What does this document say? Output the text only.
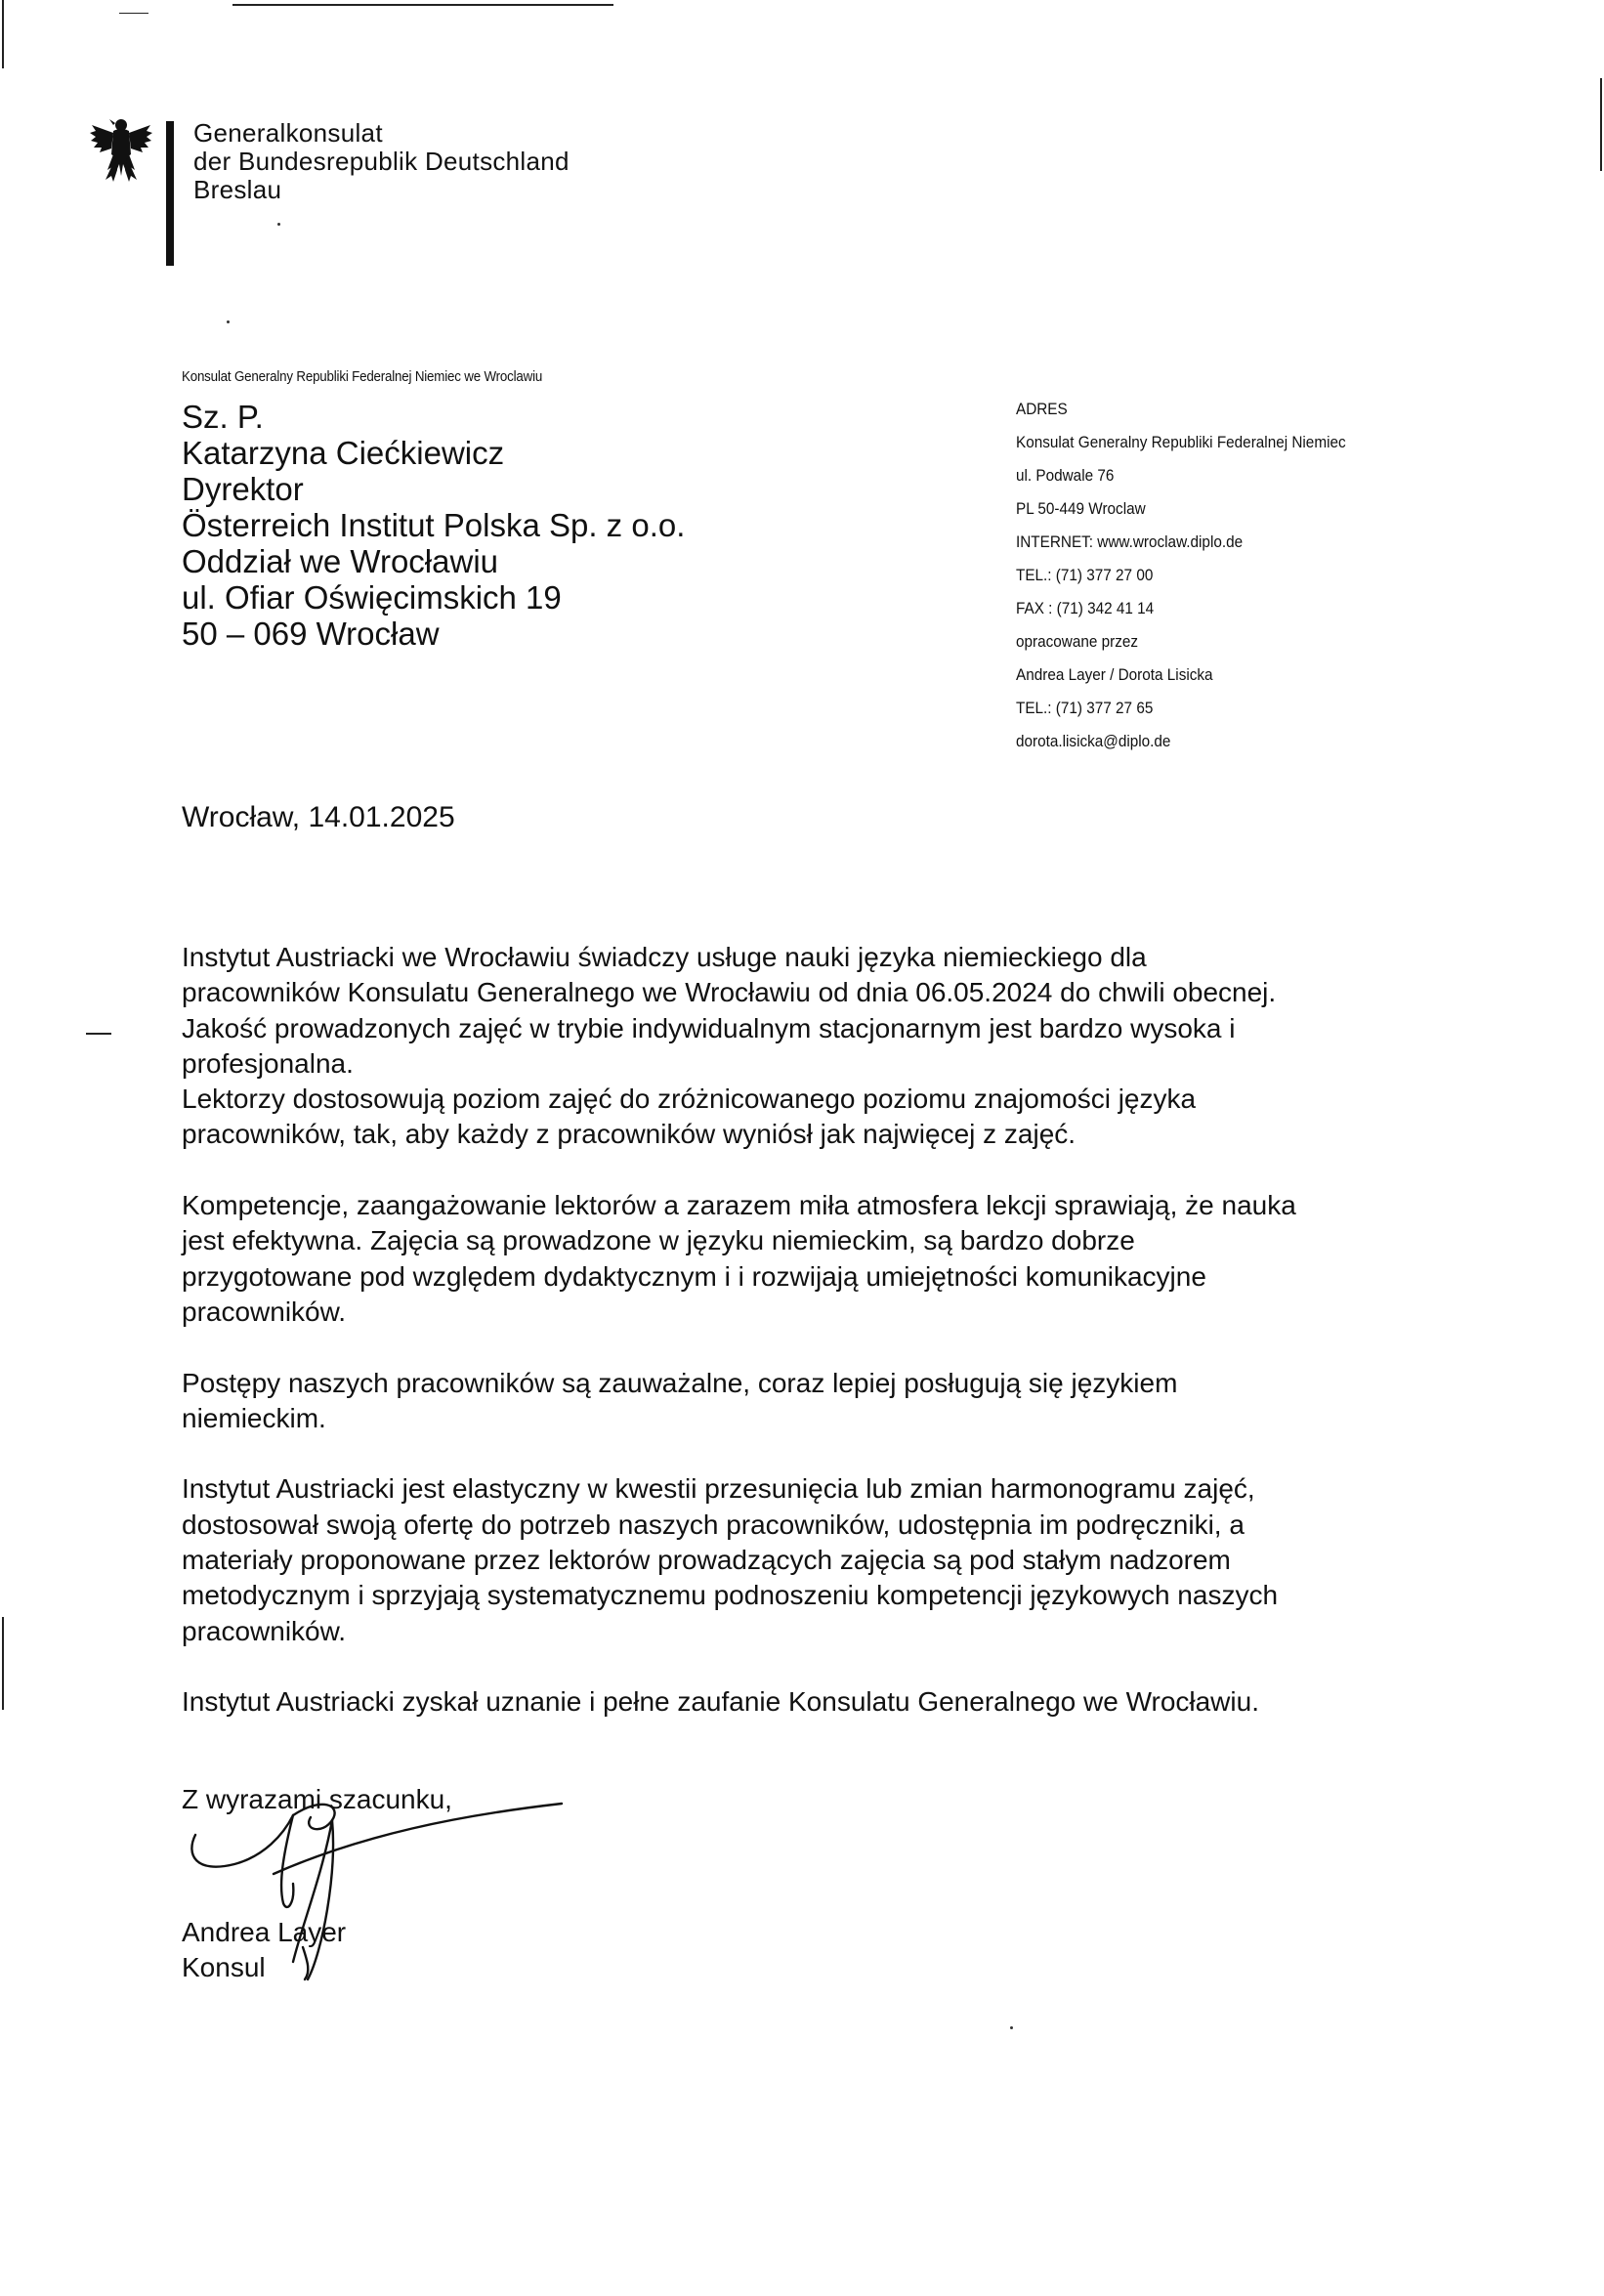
Generalkonsulat
der Bundesrepublik Deutschland
Breslau
Konsulat Generalny Republiki Federalnej Niemiec we Wroclawiu
Sz. P.
Katarzyna Ciećkiewicz
Dyrektor
Österreich Institut Polska Sp. z o.o.
Oddział we Wrocławiu
ul. Ofiar Oświęcimskich 19
50 – 069 Wrocław
ADRES
Konsulat Generalny Republiki Federalnej Niemiec
ul. Podwale 76
PL 50-449 Wroclaw
INTERNET: www.wroclaw.diplo.de
TEL.: (71) 377 27 00
FAX : (71) 342 41 14
opracowane przez
Andrea Layer / Dorota Lisicka
TEL.: (71) 377 27 65
dorota.lisicka@diplo.de
Wrocław, 14.01.2025

Instytut Austriacki we Wrocławiu świadczy usługe nauki języka niemieckiego dla
pracowników Konsulatu Generalnego we Wrocławiu od dnia 06.05.2024 do chwili obecnej.
Jakość prowadzonych zajęć w trybie indywidualnym stacjonarnym jest bardzo wysoka i
profesjonalna.
Lektorzy dostosowują poziom zajęć do zróżnicowanego poziomu znajomości języka
pracowników, tak, aby każdy z pracowników wyniósł jak najwięcej z zajęć.

Kompetencje, zaangażowanie lektorów a zarazem miła atmosfera lekcji sprawiają, że nauka
jest efektywna. Zajęcia są prowadzone w języku niemieckim, są bardzo dobrze
przygotowane pod względem dydaktycznym i i rozwijają umiejętności komunikacyjne
pracowników.

Postępy naszych pracowników są zauważalne, coraz lepiej posługują się językiem
niemieckim.

Instytut Austriacki jest elastyczny w kwestii przesunięcia lub zmian harmonogramu zajęć,
dostosował swoją ofertę do potrzeb naszych pracowników, udostępnia im podręczniki, a
materiały proponowane przez lektorów prowadzących zajęcia są pod stałym nadzorem
metodycznym i sprzyjają systematycznemu podnoszeniu kompetencji językowych naszych
pracowników.

Instytut Austriacki zyskał uznanie i pełne zaufanie Konsulatu Generalnego we Wrocławiu.

Z wyrazami szacunku,
Andrea Layer
Konsul
